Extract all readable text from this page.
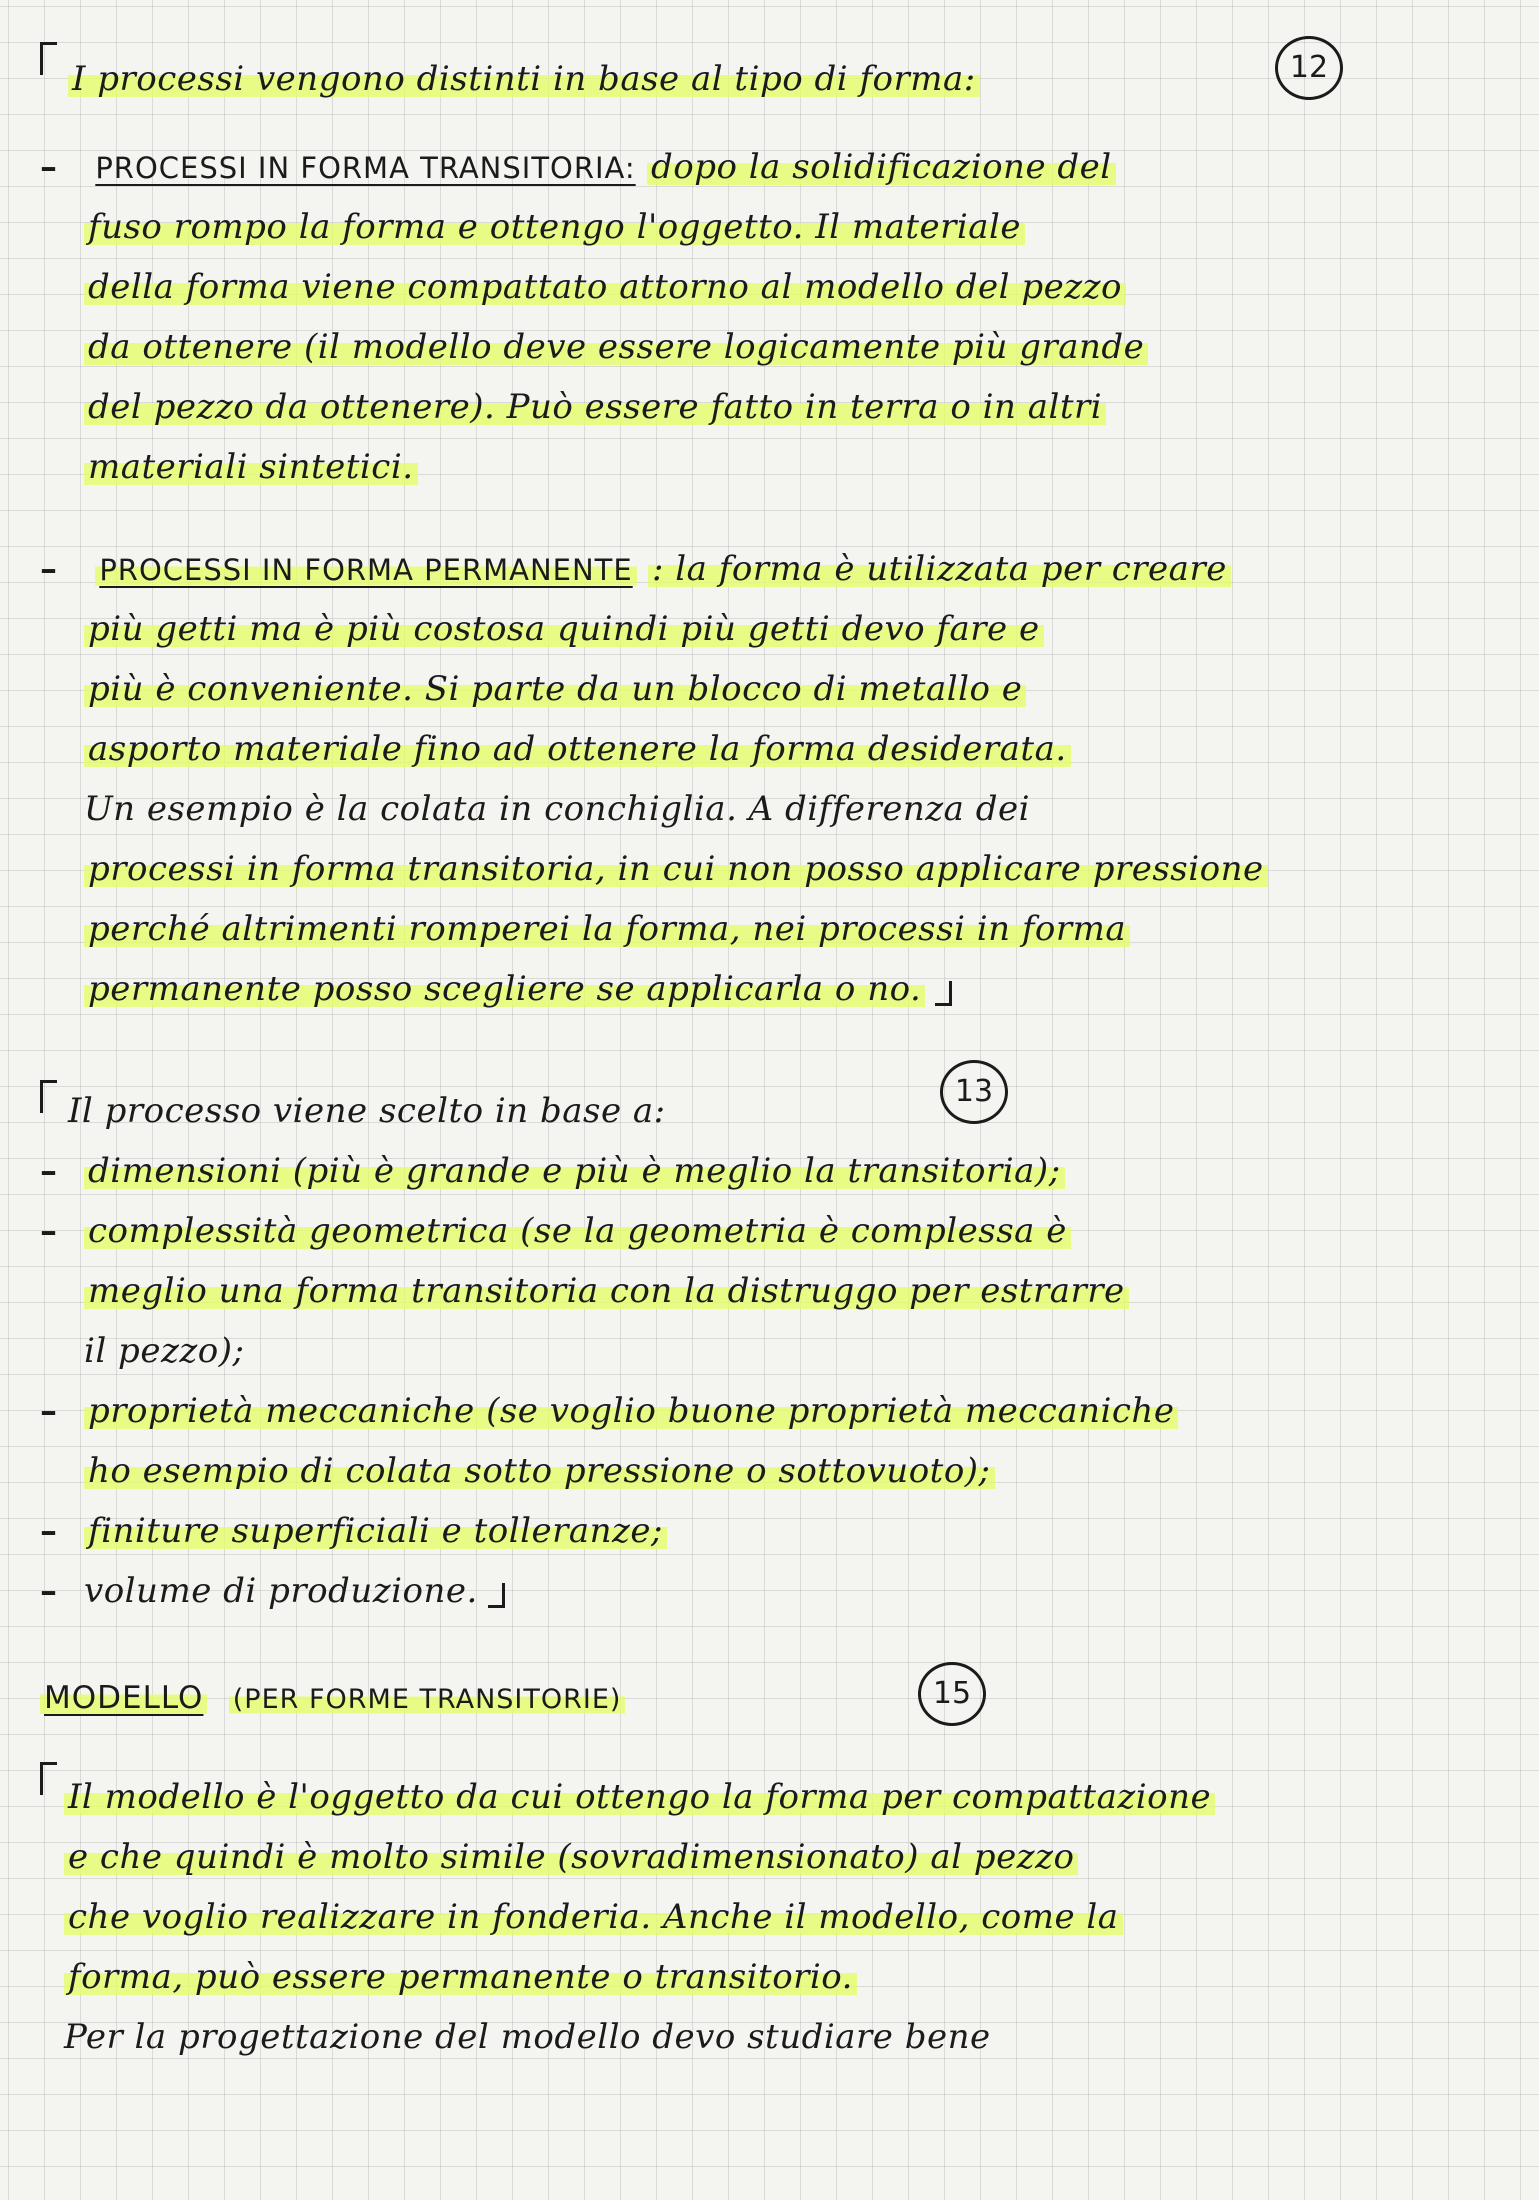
I processi vengono distinti in base al tipo di forma:	12
– PROCESSI IN FORMA TRANSITORIA: dopo la solidificazione del
fuso rompo la forma e ottengo l'oggetto. Il materiale
della forma viene compattato attorno al modello del pezzo
da ottenere (il modello deve essere logicamente più grande
del pezzo da ottenere). Può essere fatto in terra o in altri
materiali sintetici.
– PROCESSI IN FORMA PERMANENTE : la forma è utilizzata per creare
più getti ma è più costosa quindi più getti devo fare e
più è conveniente. Si parte da un blocco di metallo e
asporto materiale fino ad ottenere la forma desiderata.
Un esempio è la colata in conchiglia. A differenza dei
processi in forma transitoria, in cui non posso applicare pressione
perché altrimenti romperei la forma, nei processi in forma
permanente posso scegliere se applicarla o no.
13
Il processo viene scelto in base a:
– dimensioni (più è grande e più è meglio la transitoria);
– complessità geometrica (se la geometria è complessa è
meglio una forma transitoria con la distruggo per estrarre
il pezzo);
– proprietà meccaniche (se voglio buone proprietà meccaniche
ho esempio di colata sotto pressione o sottovuoto);
– finiture superficiali e tolleranze;
– volume di produzione.
MODELLO (PER FORME TRANSITORIE)	15
Il modello è l'oggetto da cui ottengo la forma per compattazione
e che quindi è molto simile (sovradimensionato) al pezzo
che voglio realizzare in fonderia. Anche il modello, come la
forma, può essere permanente o transitorio.
Per la progettazione del modello devo studiare bene
